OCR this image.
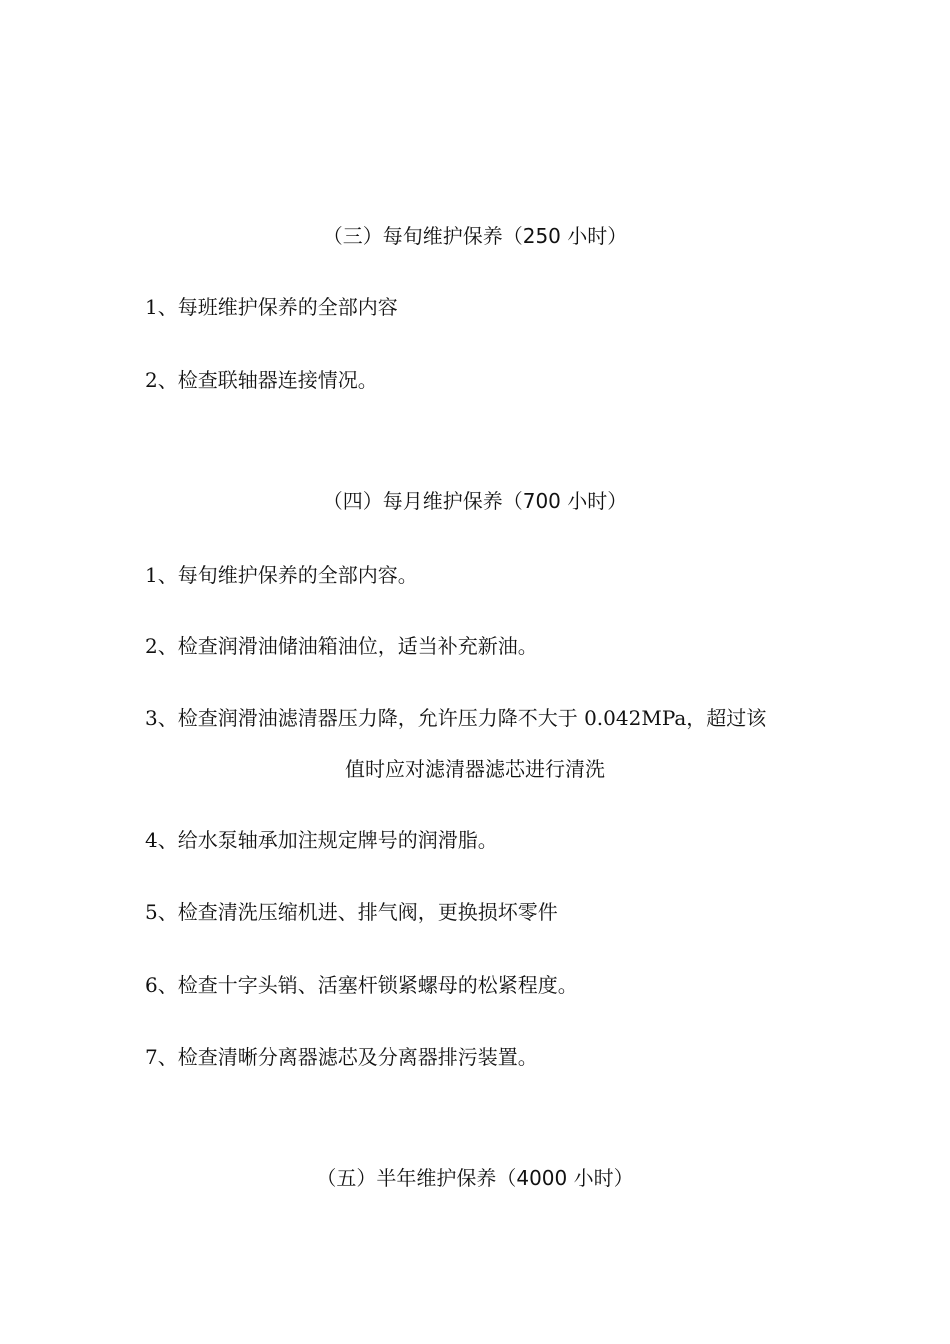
（三）每旬维护保养（250 小时）
1、每班维护保养的全部内容
2、检查联轴器连接情况。
（四）每月维护保养（700 小时）
1、每旬维护保养的全部内容。
2、检查润滑油储油箱油位，适当补充新油。
3、检查润滑油滤清器压力降，允许压力降不大于 0.042MPa，超过该
值时应对滤清器滤芯进行清洗
4、给水泵轴承加注规定牌号的润滑脂。
5、检查清洗压缩机进、排气阀，更换损坏零件
6、检查十字头销、活塞杆锁紧螺母的松紧程度。
7、检查清晰分离器滤芯及分离器排污装置。
（五）半年维护保养（4000 小时）
